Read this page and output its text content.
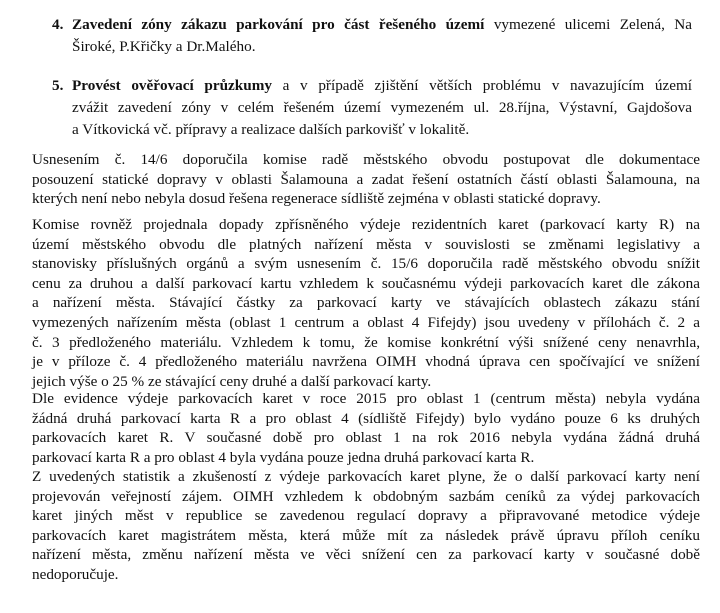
4. Zavedení zóny zákazu parkování pro část řešeného území vymezené ulicemi Zelená, Na
Široké, P.Křičky a Dr.Malého.
5. Provést ověřovací průzkumy a v případě zjištění větších problému v navazujícím území
zvážit zavedení zóny v celém řešeném území vymezeném ul. 28.října, Výstavní, Gajdošova
a Vítkovická vč. přípravy a realizace dalších parkovišť v lokalitě.
Usnesením č. 14/6 doporučila komise radě městského obvodu postupovat dle dokumentace
posouzení statické dopravy v oblasti Šalamouna a zadat řešení ostatních částí oblasti Šalamouna, na
kterých není nebo nebyla dosud řešena regenerace sídliště zejména v oblasti statické dopravy.
Komise rovněž projednala dopady zpřísněného výdeje rezidentních karet (parkovací karty R) na
území městského obvodu dle platných nařízení města v souvislosti se změnami legislativy a
stanovisky příslušných orgánů a svým usnesením č. 15/6 doporučila radě městského obvodu snížit
cenu za druhou a další parkovací kartu vzhledem k současnému výdeji parkovacích karet dle zákona
a nařízení města. Stávající částky za parkovací karty ve stávajících oblastech zákazu stání
vymezených nařízením města (oblast 1 centrum a oblast 4 Fifejdy) jsou uvedeny v přílohách č. 2 a
č. 3 předloženého materiálu. Vzhledem k tomu, že komise konkrétní výši snížené ceny nenavrhla,
je v příloze č. 4 předloženého materiálu navržena OIMH vhodná úprava cen spočívající ve snížení
jejich výše o 25 % ze stávající ceny druhé a další parkovací karty.
Dle evidence výdeje parkovacích karet v roce 2015 pro oblast 1 (centrum města) nebyla vydána
žádná druhá parkovací karta R a pro oblast 4 (sídliště Fifejdy) bylo vydáno pouze 6 ks druhých
parkovacích karet R. V současné době pro oblast 1 na rok 2016 nebyla vydána žádná druhá
parkovací karta R a pro oblast 4 byla vydána pouze jedna druhá parkovací karta R.
Z uvedených statistik a zkušeností z výdeje parkovacích karet plyne, že o další parkovací karty není
projevován veřejností zájem. OIMH vzhledem k obdobným sazbám ceníků za výdej parkovacích
karet jiných měst v republice se zavedenou regulací dopravy a připravované metodice výdeje
parkovacích karet magistrátem města, která může mít za následek právě úpravu příloh ceníku
nařízení města, změnu nařízení města ve věci snížení cen za parkovací karty v současné době
nedoporučuje.
